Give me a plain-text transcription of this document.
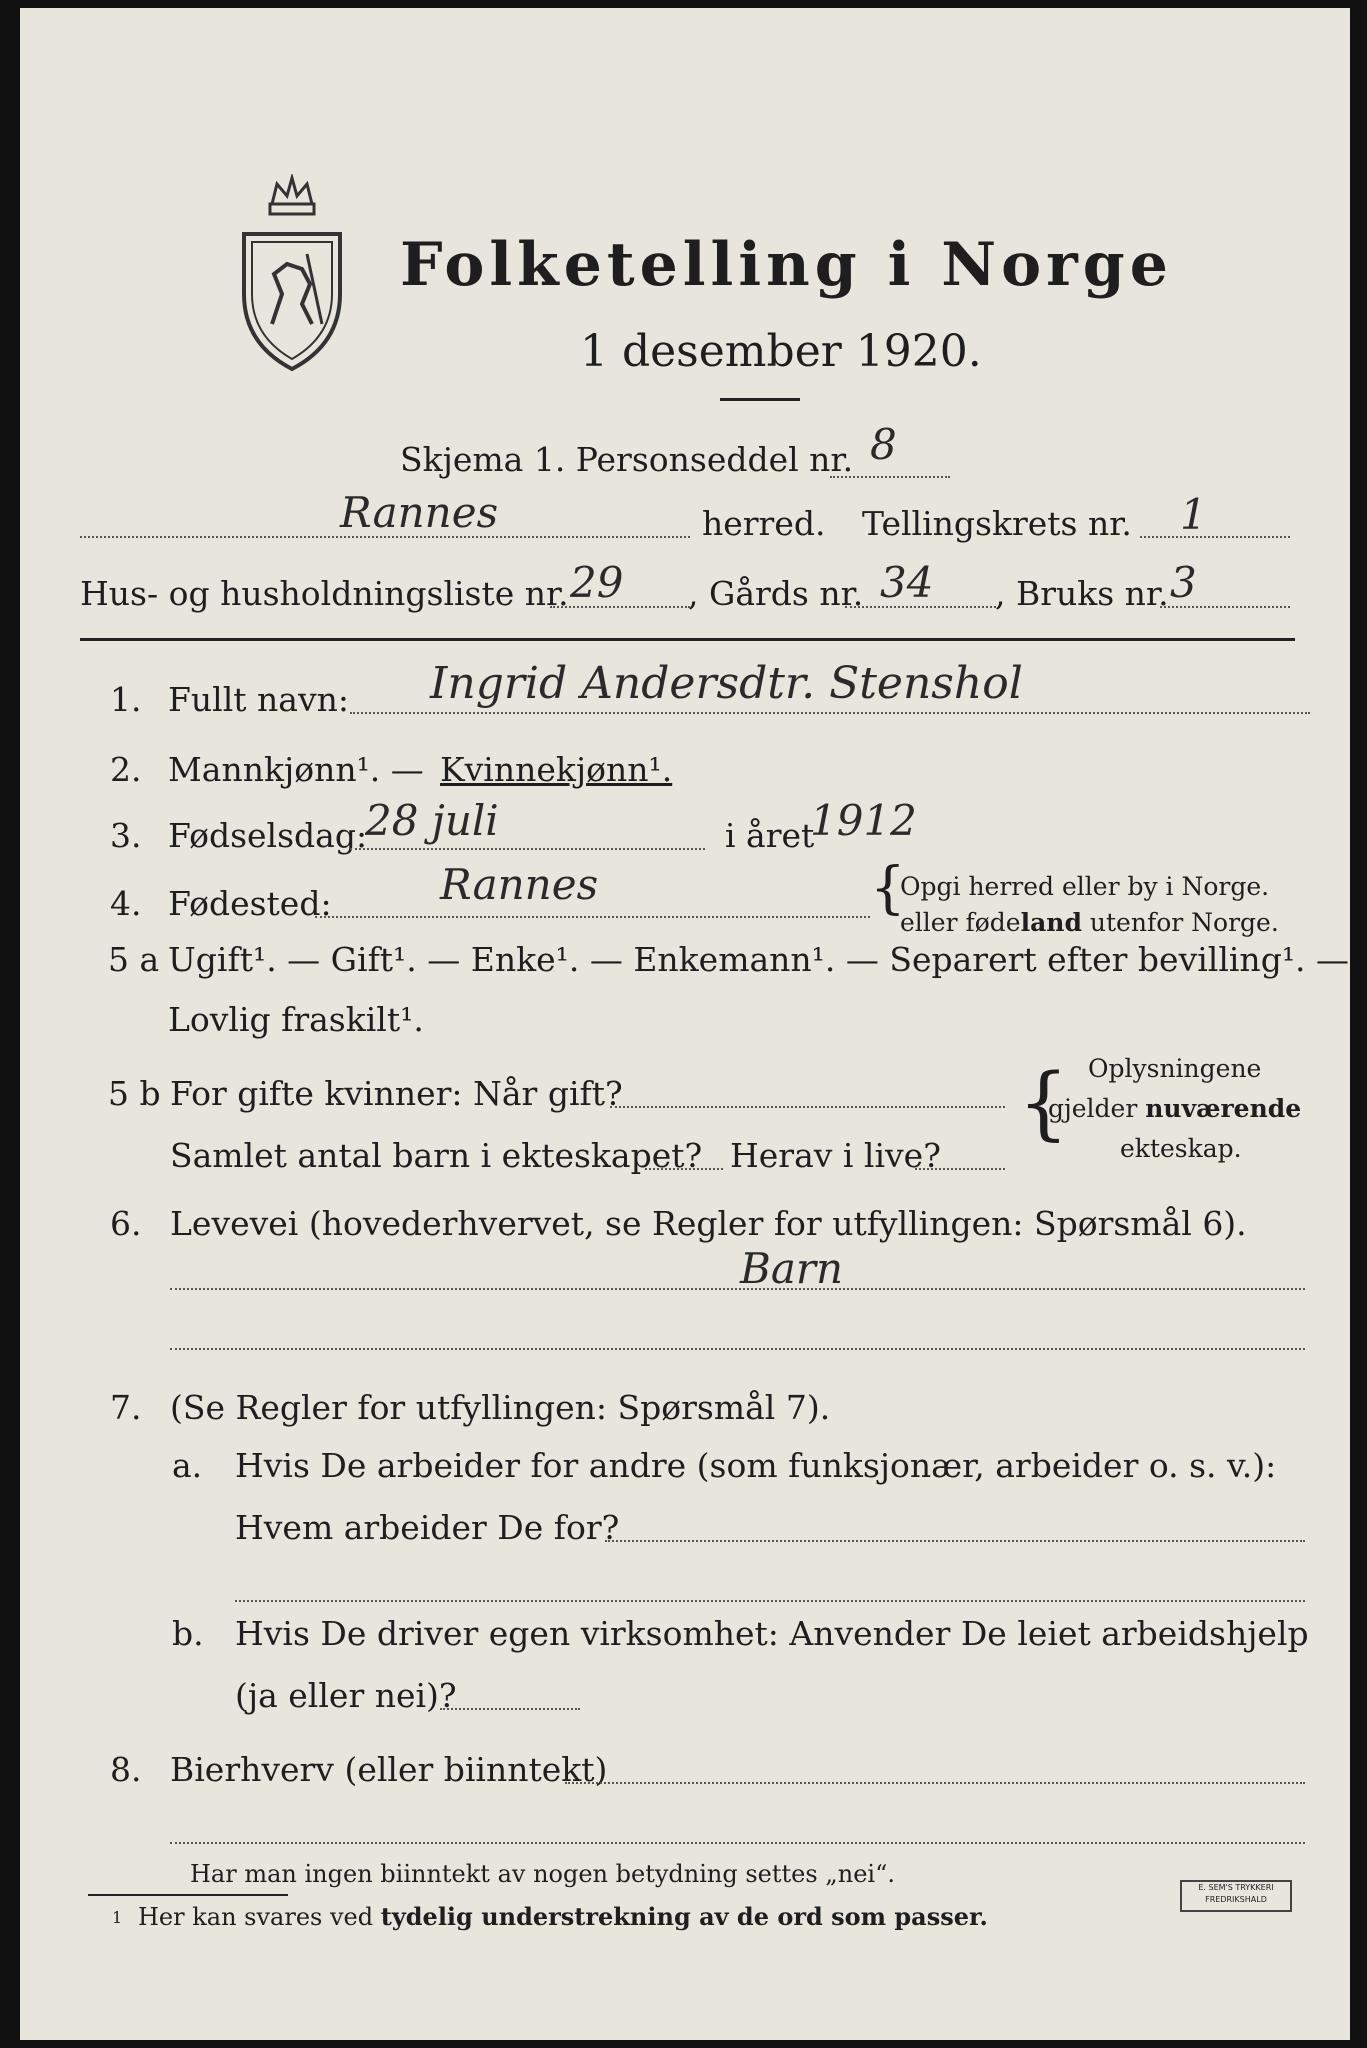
Folketelling i Norge
1 desember 1920.
Skjema 1. Personseddel nr. 8
Rannes	herred. Tellingskrets nr. 1
Hus- og husholdningsliste nr. 29 , Gårds nr. 34 , Bruks nr. 3
1. Fullt navn: Ingrid Andersdtr. Stenshol
2. Mannkjønn¹. — Kvinnekjønn¹.
3. Fødselsdag:
28 juli	i året
1912
4. Fødested:	Rannes	{
Opgi herred eller by i Norge.
eller fødeland utenfor Norge.
5 a Ugift¹. — Gift¹. — Enke¹. — Enkemann¹. — Separert efter bevilling¹. —
Lovlig fraskilt¹.
5 b For gifte kvinner: Når gift?
Samlet antal barn i ekteskapet? Herav i live?
{ Oplysningene
gjelder nuværende
ekteskap.
6. Levevei (hovederhvervet, se Regler for utfyllingen: Spørsmål 6).
Barn
7. (Se Regler for utfyllingen: Spørsmål 7).
a. Hvis De arbeider for andre (som funksjonær, arbeider o. s. v.):
Hvem arbeider De for?
b. Hvis De driver egen virksomhet: Anvender De leiet arbeidshjelp
(ja eller nei)?
8. Bierhverv (eller biinntekt)
Har man ingen biinntekt av nogen betydning settes „nei“.
1 Her kan svares ved tydelig understrekning av de ord som passer.
E. SEM'S TRYKKERI FREDRIKSHALD
